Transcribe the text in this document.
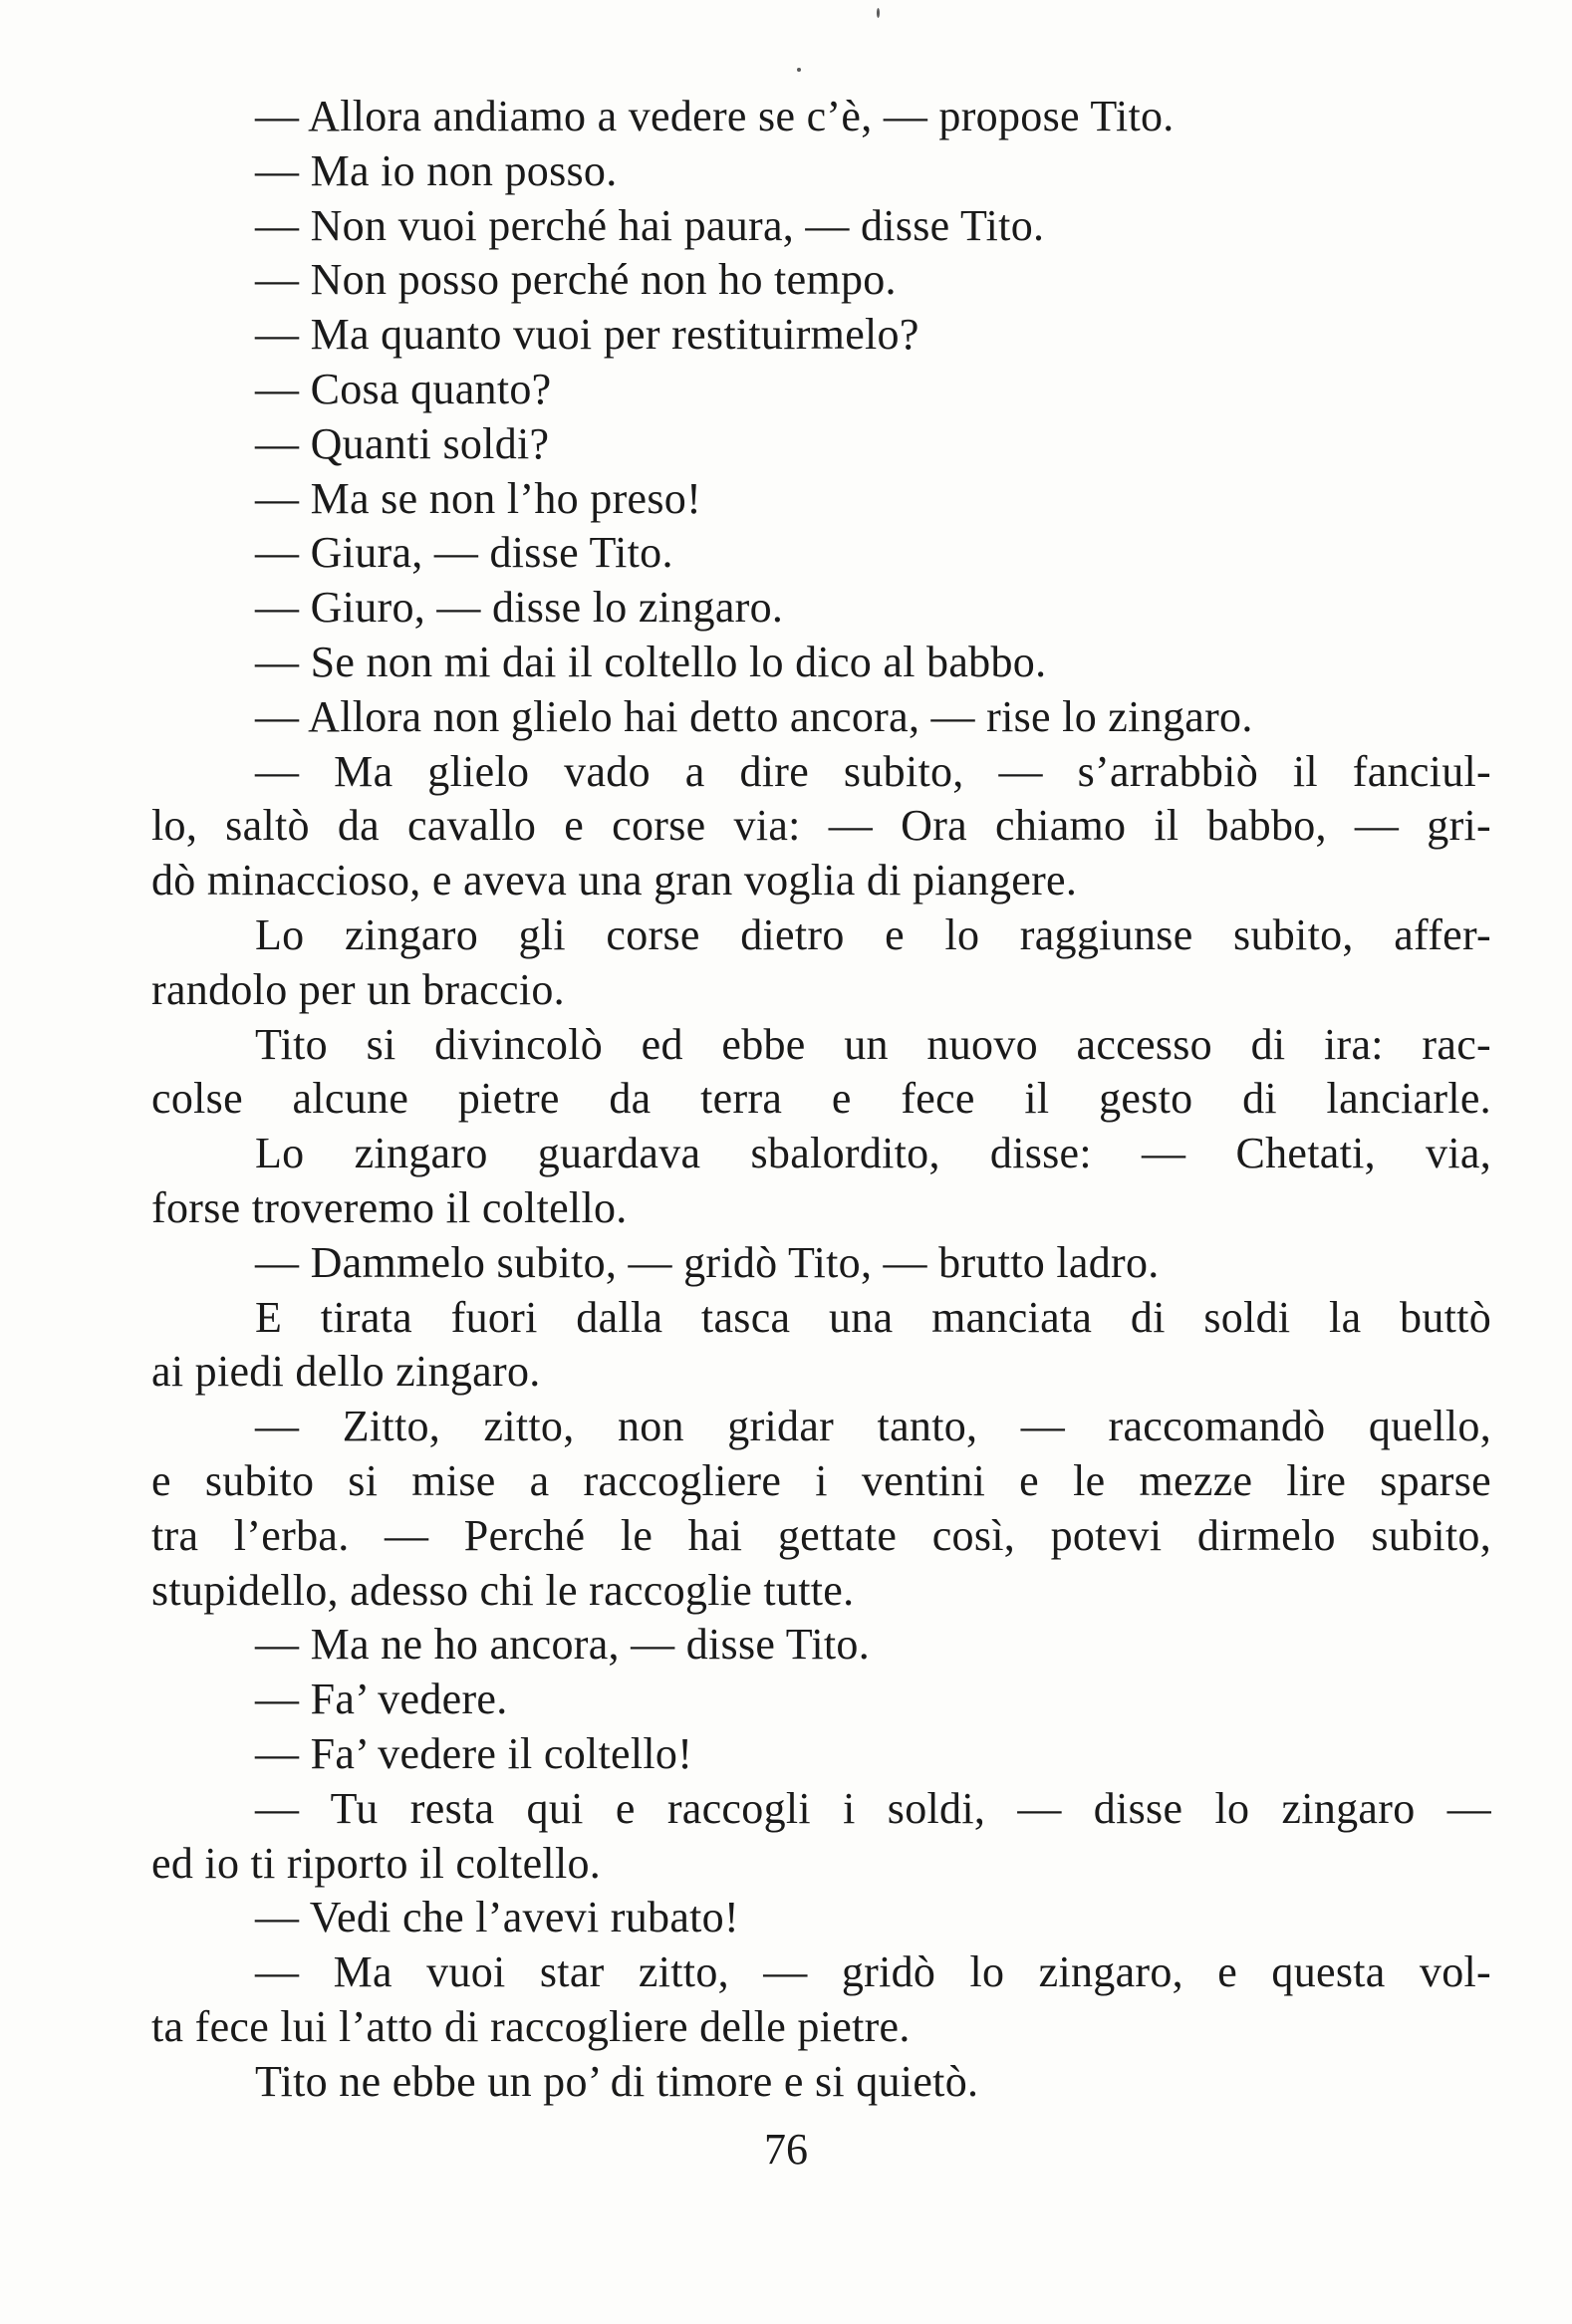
— Allora andiamo a vedere se c’è, — propose Tito.
— Ma io non posso.
— Non vuoi perché hai paura, — disse Tito.
— Non posso perché non ho tempo.
— Ma quanto vuoi per restituirmelo?
— Cosa quanto?
— Quanti soldi?
— Ma se non l’ho preso!
— Giura, — disse Tito.
— Giuro, — disse lo zingaro.
— Se non mi dai il coltello lo dico al babbo.
— Allora non glielo hai detto ancora, — rise lo zingaro.
— Ma glielo vado a dire subito, — s’arrabbiò il fanciul-
lo, saltò da cavallo e corse via: — Ora chiamo il babbo, — gri-
dò minaccioso, e aveva una gran voglia di piangere.
Lo zingaro gli corse dietro e lo raggiunse subito, affer-
randolo per un braccio.
Tito si divincolò ed ebbe un nuovo accesso di ira: rac-
colse alcune pietre da terra e fece il gesto di lanciarle.
Lo zingaro guardava sbalordito, disse: — Chetati, via,
forse troveremo il coltello.
— Dammelo subito, — gridò Tito, — brutto ladro.
E tirata fuori dalla tasca una manciata di soldi la buttò
ai piedi dello zingaro.
— Zitto, zitto, non gridar tanto, — raccomandò quello,
e subito si mise a raccogliere i ventini e le mezze lire sparse
tra l’erba. — Perché le hai gettate così, potevi dirmelo subito,
stupidello, adesso chi le raccoglie tutte.
— Ma ne ho ancora, — disse Tito.
— Fa’ vedere.
— Fa’ vedere il coltello!
— Tu resta qui e raccogli i soldi, — disse lo zingaro —
ed io ti riporto il coltello.
— Vedi che l’avevi rubato!
— Ma vuoi star zitto, — gridò lo zingaro, e questa vol-
ta fece lui l’atto di raccogliere delle pietre.
Tito ne ebbe un po’ di timore e si quietò.
76
